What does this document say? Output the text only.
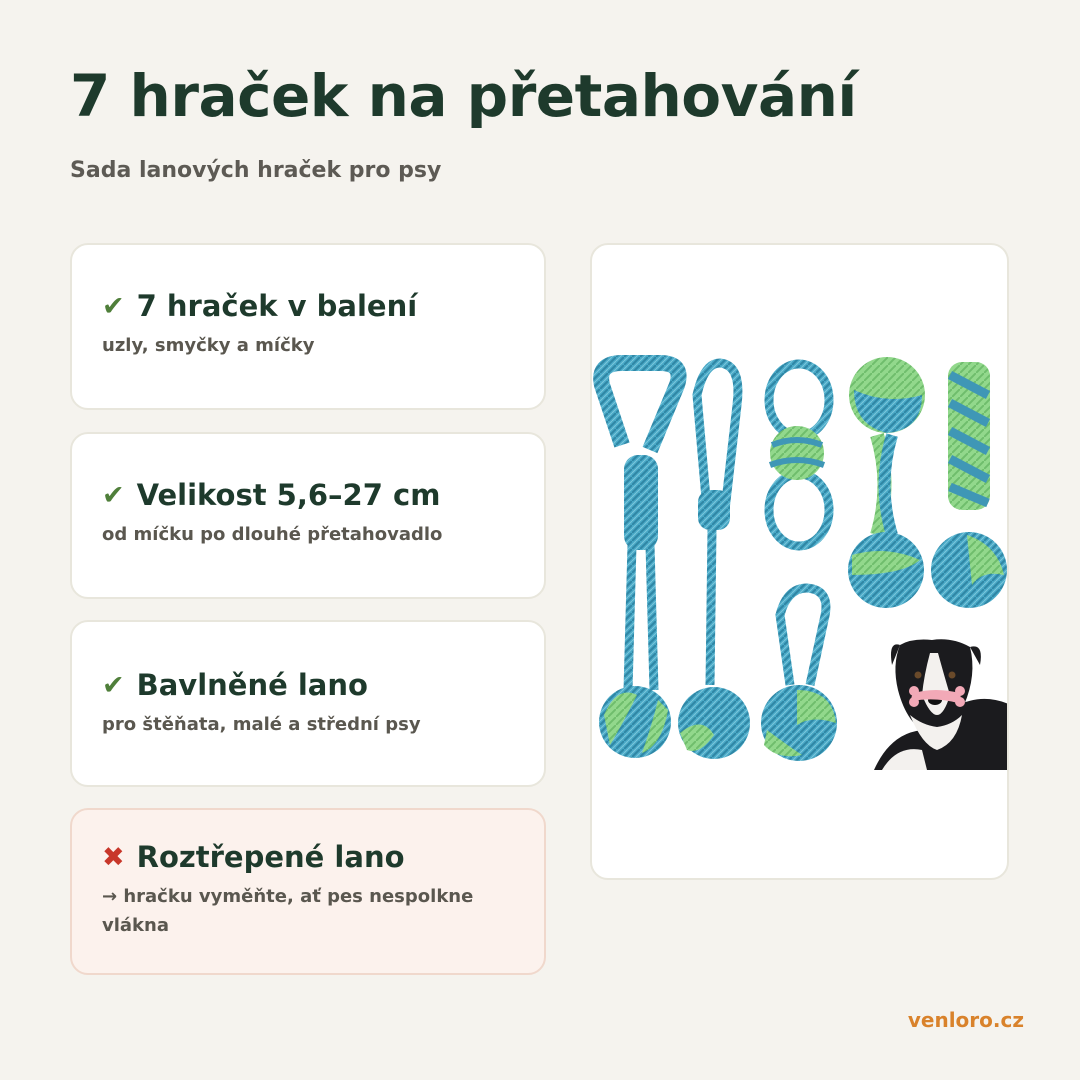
7 hraček na přetahování
Sada lanových hraček pro psy
✔ 7 hraček v balení
uzly, smyčky a míčky
✔ Velikost 5,6–27 cm
od míčku po dlouhé přetahovadlo
✔ Bavlněné lano
pro štěňata, malé a střední psy
✖ Roztřepené lano
→ hračku vyměňte, ať pes nespolkne vlákna
venloro.cz
